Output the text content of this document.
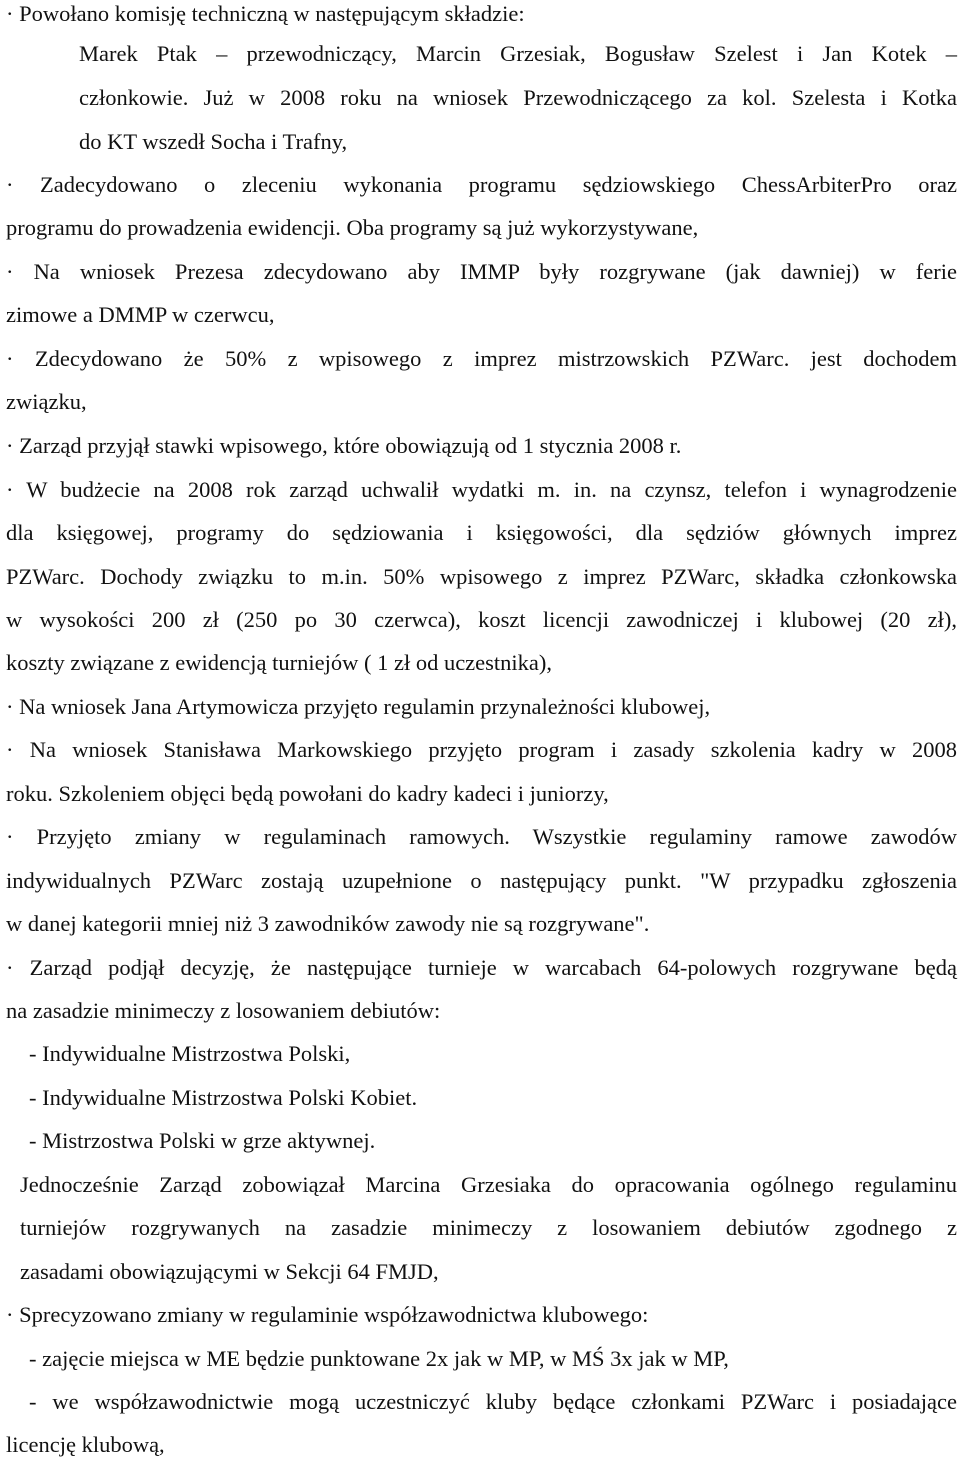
· Powołano komisję techniczną w następującym składzie:
Marek Ptak – przewodniczący, Marcin Grzesiak, Bogusław Szelest i Jan Kotek –
członkowie. Już w 2008 roku na wniosek Przewodniczącego za kol. Szelesta i Kotka
do KT wszedł Socha i Trafny,
· Zadecydowano o zleceniu wykonania programu sędziowskiego ChessArbiterPro oraz
programu do prowadzenia ewidencji. Oba programy są już wykorzystywane,
· Na wniosek Prezesa zdecydowano aby IMMP były rozgrywane (jak dawniej) w ferie
zimowe a DMMP w czerwcu,
· Zdecydowano że 50% z wpisowego z imprez mistrzowskich PZWarc. jest dochodem
związku,
· Zarząd przyjął stawki wpisowego, które obowiązują od 1 stycznia 2008 r.
· W budżecie na 2008 rok zarząd uchwalił wydatki m. in. na czynsz, telefon i wynagrodzenie
dla księgowej, programy do sędziowania i księgowości, dla sędziów głównych imprez
PZWarc. Dochody związku to m.in. 50% wpisowego z imprez PZWarc, składka członkowska
w wysokości 200 zł (250 po 30 czerwca), koszt licencji zawodniczej i klubowej (20 zł),
koszty związane z ewidencją turniejów ( 1 zł od uczestnika),
· Na wniosek Jana Artymowicza przyjęto regulamin przynależności klubowej,
· Na wniosek Stanisława Markowskiego przyjęto program i zasady szkolenia kadry w 2008
roku. Szkoleniem objęci będą powołani do kadry kadeci i juniorzy,
· Przyjęto zmiany w regulaminach ramowych. Wszystkie regulaminy ramowe zawodów
indywidualnych PZWarc zostają uzupełnione o następujący punkt. "W przypadku zgłoszenia
w danej kategorii mniej niż 3 zawodników zawody nie są rozgrywane".
· Zarząd podjął decyzję, że następujące turnieje w warcabach 64-polowych rozgrywane będą
na zasadzie minimeczy z losowaniem debiutów:
- Indywidualne Mistrzostwa Polski,
- Indywidualne Mistrzostwa Polski Kobiet.
- Mistrzostwa Polski w grze aktywnej.
Jednocześnie Zarząd zobowiązał Marcina Grzesiaka do opracowania ogólnego regulaminu
turniejów rozgrywanych na zasadzie minimeczy z losowaniem debiutów zgodnego z
zasadami obowiązującymi w Sekcji 64 FMJD,
· Sprecyzowano zmiany w regulaminie współzawodnictwa klubowego:
- zajęcie miejsca w ME będzie punktowane 2x jak w MP, w MŚ 3x jak w MP,
- we współzawodnictwie mogą uczestniczyć kluby będące członkami PZWarc i posiadające
licencję klubową,
